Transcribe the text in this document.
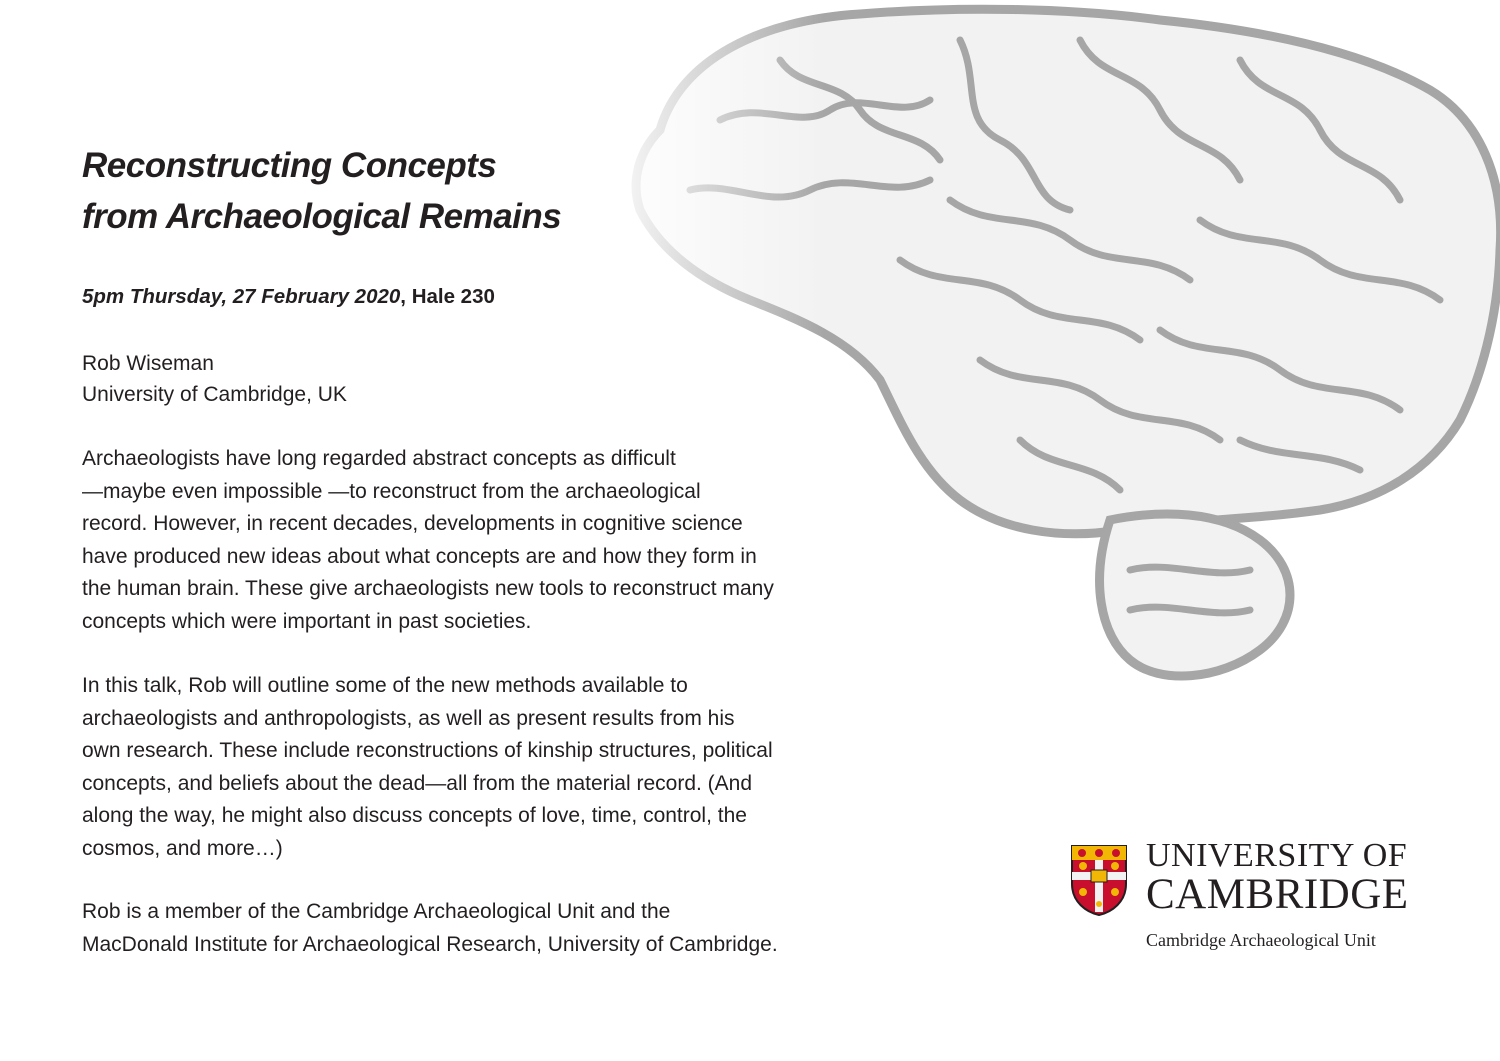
Reconstructing Concepts
from Archaeological Remains

5pm Thursday, 27 February 2020, Hale 230

Rob Wiseman
University of Cambridge, UK

Archaeologists have long regarded abstract concepts as difficult
—maybe even impossible —to reconstruct from the archaeological
record. However, in recent decades, developments in cognitive science
have produced new ideas about what concepts are and how they form in
the human brain. These give archaeologists new tools to reconstruct many
concepts which were important in past societies.

In this talk, Rob will outline some of the new methods available to
archaeologists and anthropologists, as well as present results from his
own research. These include reconstructions of kinship structures, political
concepts, and beliefs about the dead—all from the material record. (And
along the way, he might also discuss concepts of love, time, control, the
cosmos, and more…)

Rob is a member of the Cambridge Archaeological Unit and the
MacDonald Institute for Archaeological Research, University of Cambridge.

UNIVERSITY OF
CAMBRIDGE
Cambridge Archaeological Unit
